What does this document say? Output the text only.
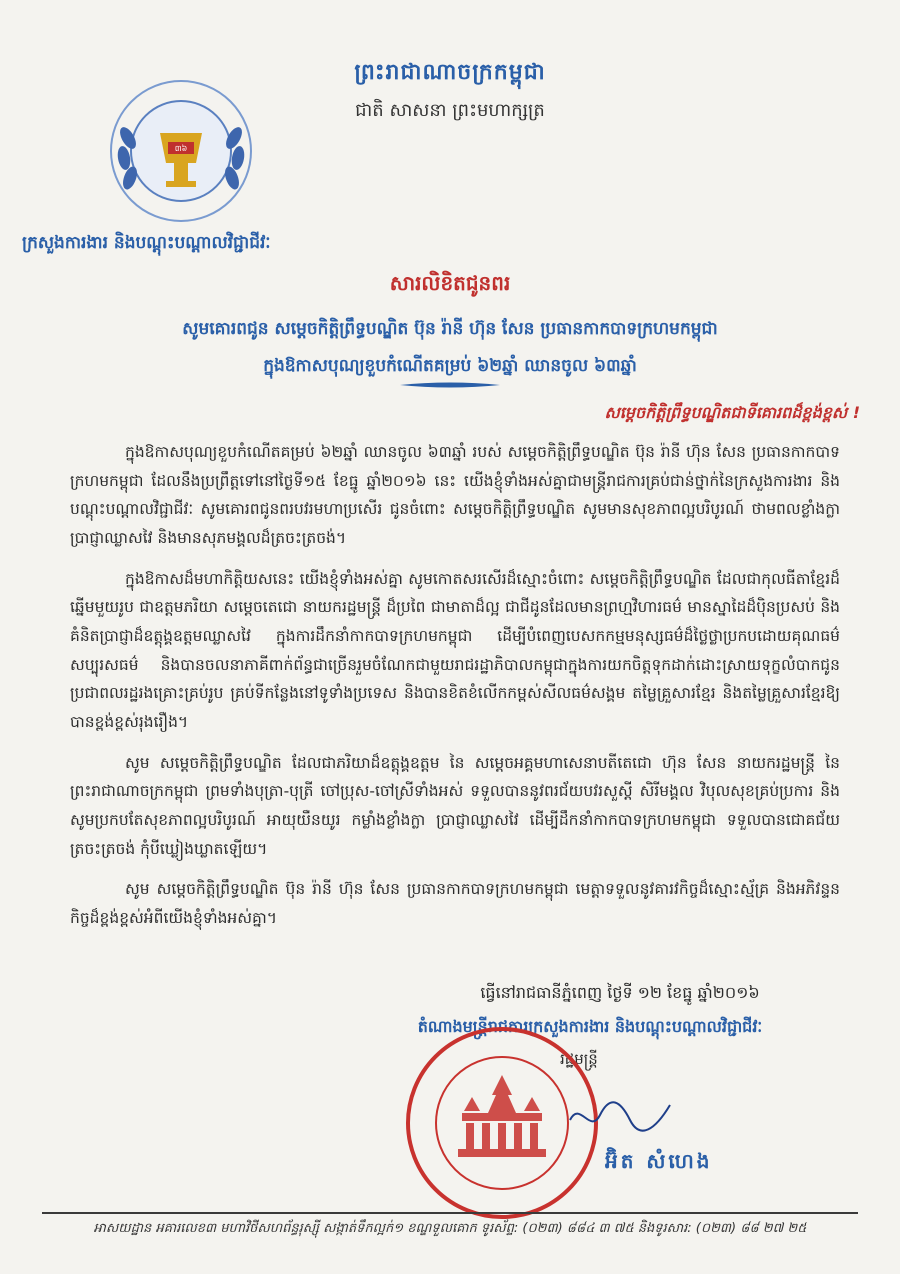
៣៦
ព្រះរាជាណាចក្រកម្ពុជា
ជាតិ សាសនា ព្រះមហាក្សត្រ
ក្រសួងការងារ និងបណ្តុះបណ្តាលវិជ្ជាជីវៈ
សារលិខិតជូនពរ
សូមគោរពជូន សម្តេចកិត្តិព្រឹទ្ធបណ្ឌិត ប៊ុន រ៉ានី ហ៊ុន សែន ប្រធានកាកបាទក្រហមកម្ពុជា
ក្នុងឱកាសបុណ្យខួបកំណើតគម្រប់ ៦២ឆ្នាំ ឈានចូល ៦៣ឆ្នាំ
សម្តេចកិត្តិព្រឹទ្ធបណ្ឌិតជាទីគោរពដ៏ខ្ពង់ខ្ពស់ !

ក្នុងឱកាសបុណ្យខួបកំណើតគម្រប់ ៦២ឆ្នាំ ឈានចូល ៦៣ឆ្នាំ របស់ សម្តេចកិត្តិព្រឹទ្ធបណ្ឌិត ប៊ុន រ៉ានី ហ៊ុន សែន ប្រធានកាកបាទក្រហមកម្ពុជា ដែលនឹងប្រព្រឹត្តទៅនៅថ្ងៃទី១៥ ខែធ្នូ ឆ្នាំ២០១៦ នេះ យើងខ្ញុំទាំងអស់គ្នាជាមន្ត្រីរាជការគ្រប់ជាន់ថ្នាក់នៃក្រសួងការងារ និងបណ្តុះបណ្តាលវិជ្ជាជីវៈ សូមគោរពជូនពរបវរមហាប្រសើរ ជូនចំពោះ សម្តេចកិត្តិព្រឹទ្ធបណ្ឌិត សូមមានសុខភាពល្អបរិបូរណ៍ ថាមពលខ្លាំងក្លា ប្រាជ្ញាឈ្លាសវៃ និងមានសុភមង្គលដ៏ត្រចះត្រចង់។

ក្នុងឱកាសដ៏មហាកិត្តិយសនេះ យើងខ្ញុំទាំងអស់គ្នា សូមកោតសរសើរដ៏ស្មោះចំពោះ សម្តេចកិត្តិព្រឹទ្ធបណ្ឌិត ដែលជាកុលធីតាខ្មែរដ៏ឆ្នើមមួយរូប ជាឧត្តមភរិយា សម្តេចតេជោ នាយករដ្ឋមន្ត្រី ដ៏ប្រពៃ ជាមាតាដ៏ល្អ ជាជីដូនដែលមានព្រហ្មវិហារធម៌ មានស្នាដៃដ៏ប៉ិនប្រសប់ និងគំនិតប្រាជ្ញាដ៏ឧត្តុង្គឧត្តមឈ្លាសវៃ ក្នុងការដឹកនាំកាកបាទក្រហមកម្ពុជា ដើម្បីបំពេញបេសកកម្មមនុស្សធម៌ដ៏ថ្លៃថ្លាប្រកបដោយគុណធម៌ សប្បុរសធម៌ និងបានចលនាភាគីពាក់ព័ន្ធជាច្រើនរួមចំណែកជាមួយរាជរដ្ឋាភិបាលកម្ពុជាក្នុងការយកចិត្តទុកដាក់ដោះស្រាយទុក្ខលំបាកជូនប្រជាពលរដ្ឋរងគ្រោះគ្រប់រូប គ្រប់ទីកន្លែងនៅទូទាំងប្រទេស និងបានខិតខំលើកកម្ពស់សីលធម៌សង្គម តម្លៃគ្រួសារខ្មែរ និងតម្លៃគ្រួសារខ្មែរឱ្យបានខ្ពង់ខ្ពស់រុងរឿង។

សូម សម្តេចកិត្តិព្រឹទ្ធបណ្ឌិត ដែលជាភរិយាដ៏ឧត្តុង្គឧត្តម នៃ សម្តេចអគ្គមហាសេនាបតីតេជោ ហ៊ុន សែន នាយករដ្ឋមន្ត្រី នៃព្រះរាជាណាចក្រកម្ពុជា ព្រមទាំងបុត្រា-បុត្រី ចៅប្រុស-ចៅស្រីទាំងអស់ ទទួលបាននូវពរជ័យបវរសួស្តី សិរីមង្គល វិបុលសុខគ្រប់ប្រការ និងសូមប្រកបតែសុខភាពល្អបរិបូរណ៍ អាយុយឺនយូរ កម្លាំងខ្លាំងក្លា ប្រាជ្ញាឈ្លាសវៃ ដើម្បីដឹកនាំកាកបាទក្រហមកម្ពុជា ទទួលបានជោគជ័យត្រចះត្រចង់ កុំបីឃ្លៀងឃ្លាតឡើយ។

សូម សម្តេចកិត្តិព្រឹទ្ធបណ្ឌិត ប៊ុន រ៉ានី ហ៊ុន សែន ប្រធានកាកបាទក្រហមកម្ពុជា មេត្តាទទួលនូវគារវកិច្ចដ៏ស្មោះស្ម័គ្រ និងអភិវន្ទនកិច្ចដ៏ខ្ពង់ខ្ពស់អំពីយើងខ្ញុំទាំងអស់គ្នា។

ធ្វើនៅរាជធានីភ្នំពេញ ថ្ងៃទី ១២ ខែធ្នូ ឆ្នាំ២០១៦
តំណាងមន្ត្រីរាជការក្រសួងការងារ និងបណ្តុះបណ្តាលវិជ្ជាជីវៈ
រដ្ឋមន្ត្រី
អ៊ិត សំហេង
អាសយដ្ឋាន អគារលេខ៣ មហាវិថីសហព័ន្ធរុស្ស៊ី សង្កាត់ទឹកល្អក់១ ខណ្ឌទួលគោក ទូរស័ព្ទ: (០២៣) ៨៨៤ ៣ ៧៥ និងទូរសារ: (០២៣) ៨៨ ២៧ ២៥
